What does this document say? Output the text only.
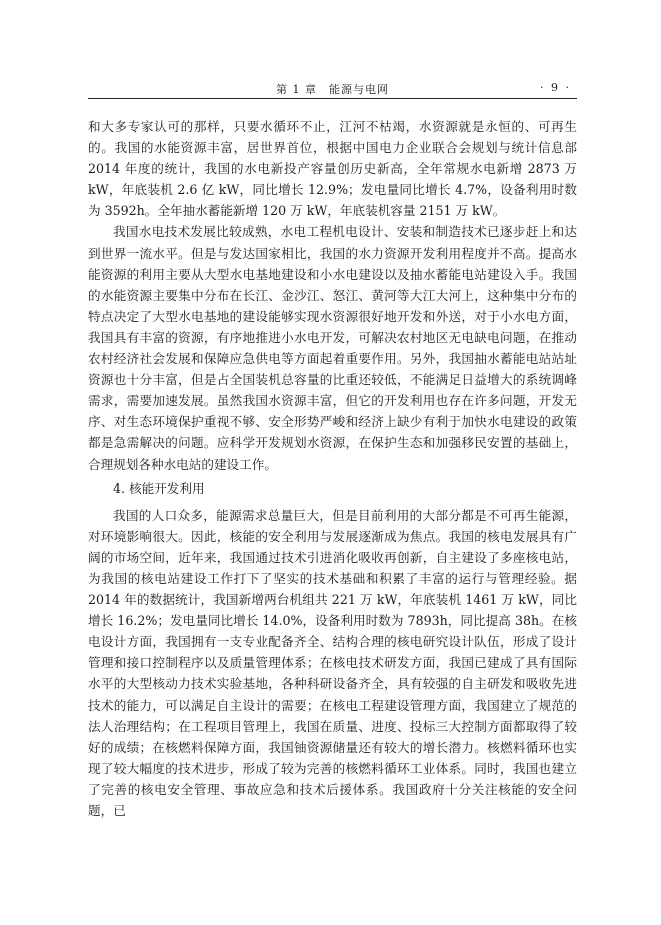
第 1 章　能源与电网	· 9 ·

和大多专家认可的那样，只要水循环不止，江河不枯竭，水资源就是永恒的、可再生的。我国的水能资源丰富，居世界首位，根据中国电力企业联合会规划与统计信息部 2014 年度的统计，我国的水电新投产容量创历史新高，全年常规水电新增 2873 万 kW，年底装机 2.6 亿 kW，同比增长 12.9%；发电量同比增长 4.7%，设备利用时数为 3592h。全年抽水蓄能新增 120 万 kW，年底装机容量 2151 万 kW。

我国水电技术发展比较成熟，水电工程机电设计、安装和制造技术已逐步赶上和达到世界一流水平。但是与发达国家相比，我国的水力资源开发利用程度并不高。提高水能资源的利用主要从大型水电基地建设和小水电建设以及抽水蓄能电站建设入手。我国的水能资源主要集中分布在长江、金沙江、怒江、黄河等大江大河上，这种集中分布的特点决定了大型水电基地的建设能够实现水资源很好地开发和外送，对于小水电方面，我国具有丰富的资源，有序地推进小水电开发，可解决农村地区无电缺电问题，在推动农村经济社会发展和保障应急供电等方面起着重要作用。另外，我国抽水蓄能电站站址资源也十分丰富，但是占全国装机总容量的比重还较低，不能满足日益增大的系统调峰需求，需要加速发展。虽然我国水资源丰富，但它的开发利用也存在许多问题，开发无序、对生态环境保护重视不够、安全形势严峻和经济上缺少有利于加快水电建设的政策都是急需解决的问题。应科学开发规划水资源，在保护生态和加强移民安置的基础上，合理规划各种水电站的建设工作。

4. 核能开发利用

我国的人口众多，能源需求总量巨大，但是目前利用的大部分都是不可再生能源，对环境影响很大。因此，核能的安全利用与发展逐渐成为焦点。我国的核电发展具有广阔的市场空间，近年来，我国通过技术引进消化吸收再创新，自主建设了多座核电站，为我国的核电站建设工作打下了坚实的技术基础和积累了丰富的运行与管理经验。据 2014 年的数据统计，我国新增两台机组共 221 万 kW，年底装机 1461 万 kW，同比增长 16.2%；发电量同比增长 14.0%，设备利用时数为 7893h，同比提高 38h。在核电设计方面，我国拥有一支专业配备齐全、结构合理的核电研究设计队伍，形成了设计管理和接口控制程序以及质量管理体系；在核电技术研发方面，我国已建成了具有国际水平的大型核动力技术实验基地，各种科研设备齐全，具有较强的自主研发和吸收先进技术的能力，可以满足自主设计的需要；在核电工程建设管理方面，我国建立了规范的法人治理结构；在工程项目管理上，我国在质量、进度、投标三大控制方面都取得了较好的成绩；在核燃料保障方面，我国铀资源储量还有较大的增长潜力。核燃料循环也实现了较大幅度的技术进步，形成了较为完善的核燃料循环工业体系。同时，我国也建立了完善的核电安全管理、事故应急和技术后援体系。我国政府十分关注核能的安全问题，已
